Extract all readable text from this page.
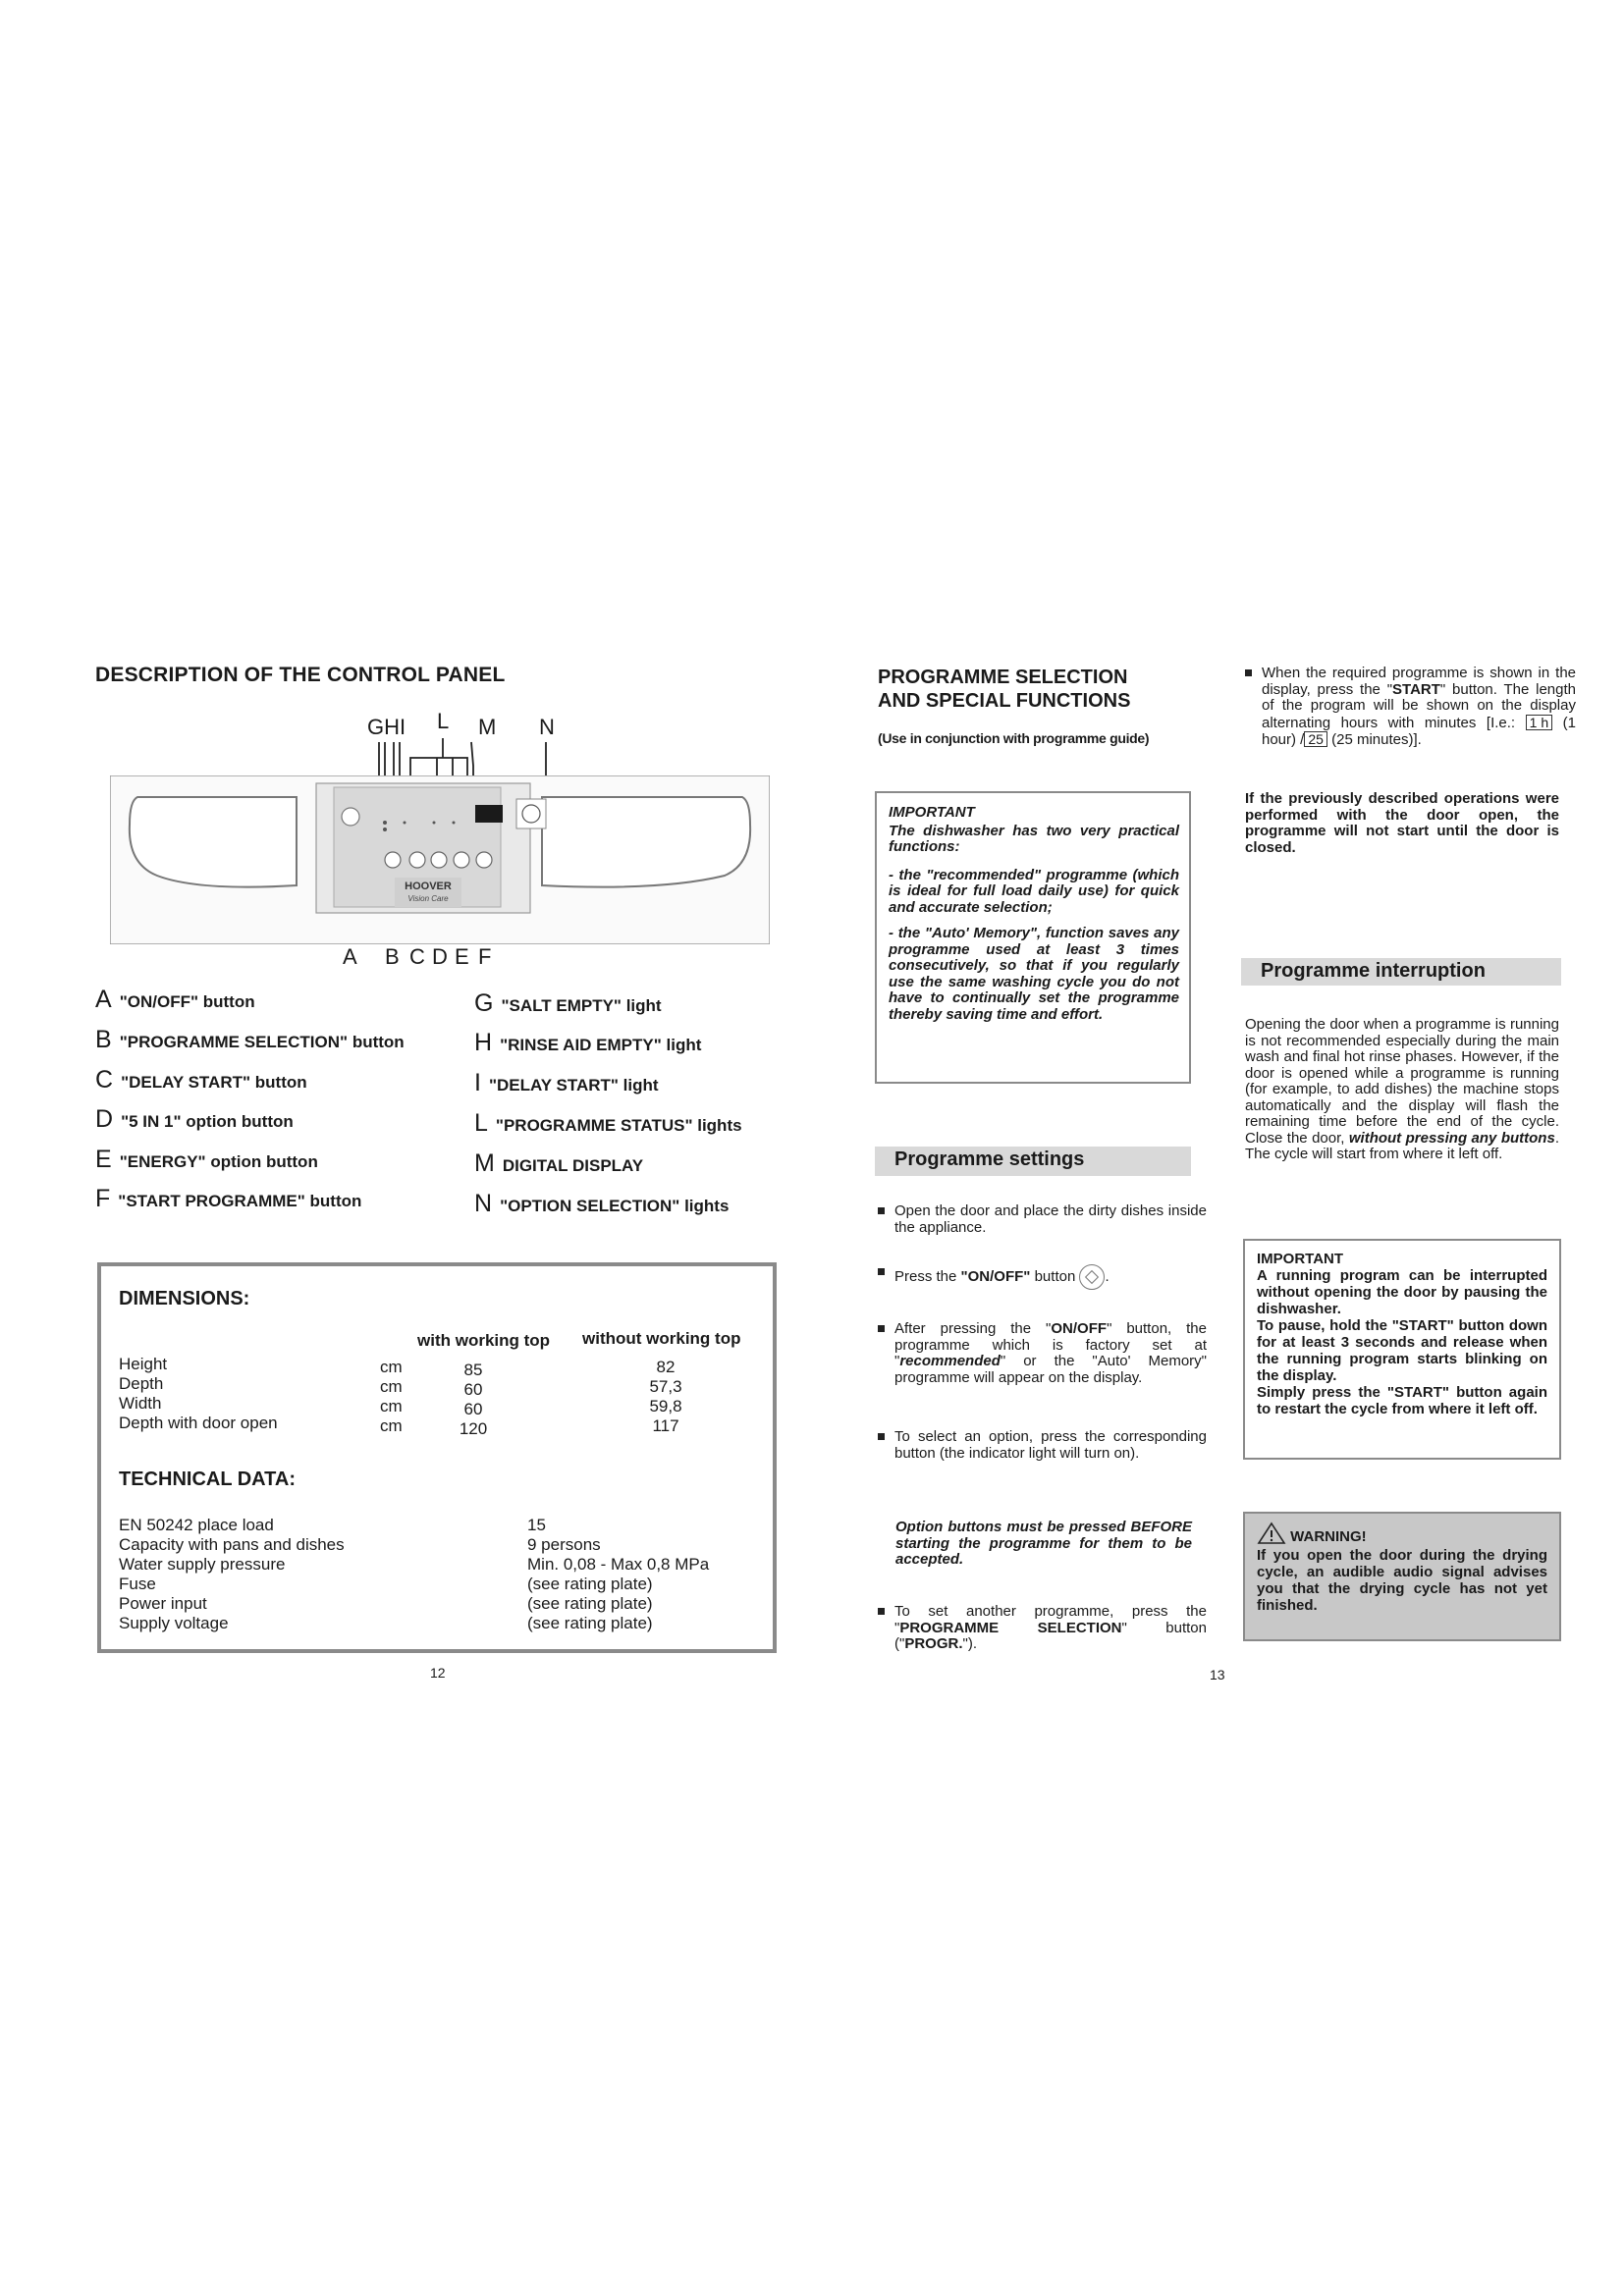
DESCRIPTION OF THE CONTROL PANEL
GHI L M N
HOOVER
Vision Care
A B C D E F
A "ON/OFF" button
B "PROGRAMME SELECTION" button
C "DELAY START" button
D "5 IN 1" option button
E "ENERGY" option button
F "START PROGRAMME" button
G "SALT EMPTY" light
H "RINSE AID EMPTY" light
I "DELAY START" light
L "PROGRAMME STATUS" lights
M DIGITAL DISPLAY
N "OPTION SELECTION" lights
DIMENSIONS:
with working top without working top
Height
Depth
Width
Depth with door open
cm
cm
cm
cm
85
60
60
120
82
57,3
59,8
117
TECHNICAL DATA:
EN 50242 place load
Capacity with pans and dishes
Water supply pressure
Fuse
Power input
Supply voltage
15
9 persons
Min. 0,08 - Max 0,8 MPa
(see rating plate)
(see rating plate)
(see rating plate)
12
PROGRAMME SELECTION
AND SPECIAL FUNCTIONS
(Use in conjunction with programme guide)

IMPORTANT

The dishwasher has two very practical functions:

- the "recommended" programme (which is ideal for full load daily use) for quick and accurate selection;

- the "Auto' Memory", function saves any programme used at least 3 times consecutively, so that if you regularly use the same washing cycle you do not have to continually set the programme thereby saving time and effort.

Programme settings
Open the door and place the dirty dishes inside the appliance.
Press the "ON/OFF" button .
After pressing the "ON/OFF" button, the programme which is factory set at "recommended" or the "Auto' Memory" programme will appear on the display.
To select an option, press the corresponding button (the indicator light will turn on).
Option buttons must be pressed BEFORE starting the programme for them to be accepted.
To set another programme, press the "PROGRAMME SELECTION" button ("PROGR.").
13
When the required programme is shown in the display, press the "START" button. The length of the program will be shown on the display alternating hours with minutes [I.e.: 1 h (1 hour) / 25 (25 minutes)].
If the previously described operations were performed with the door open, the programme will not start until the door is closed.
Programme interruption
Opening the door when a programme is running is not recommended especially during the main wash and final hot rinse phases. However, if the door is opened while a programme is running (for example, to add dishes) the machine stops automatically and the display will flash the remaining time before the end of the cycle. Close the door, without pressing any buttons. The cycle will start from where it left off.

IMPORTANT

A running program can be interrupted without opening the door by pausing the dishwasher.

To pause, hold the "START" button down for at least 3 seconds and release when the running program starts blinking on the display.

Simply press the "START" button again to restart the cycle from where it left off.

WARNING!

If you open the door during the drying cycle, an audible audio signal advises you that the drying cycle has not yet finished.
